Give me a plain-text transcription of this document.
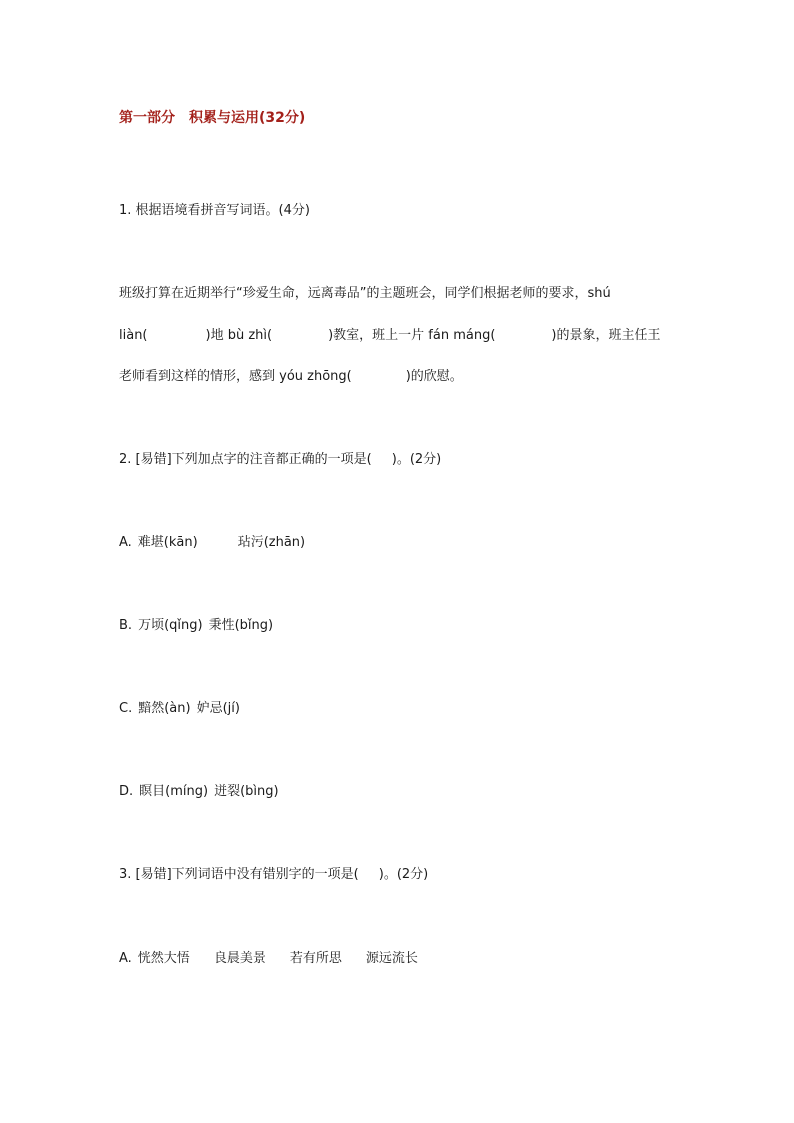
第一部分　积累与运用(32分)
1. 根据语境看拼音写词语。(4分)
班级打算在近期举行“珍爱生命，远离毒品”的主题班会，同学们根据老师的要求，shú
liàn(	)地 bù zhì(	)教室，班上一片 fán máng(	)的景象，班主任王
老师看到这样的情形，感到 yóu zhōng(	)的欣慰。
2. [易错]下列加点字的注音都正确的一项是( )。(2分)
A. 难堪(kān)	玷污(zhān)
B. 万顷(qǐng) 秉性(bǐng)
C. 黯然(àn) 妒忌(jí)
D. 瞑目(míng) 迸裂(bìng)
3. [易错]下列词语中没有错别字的一项是( )。(2分)
A. 恍然大悟 良晨美景 若有所思 源远流长
